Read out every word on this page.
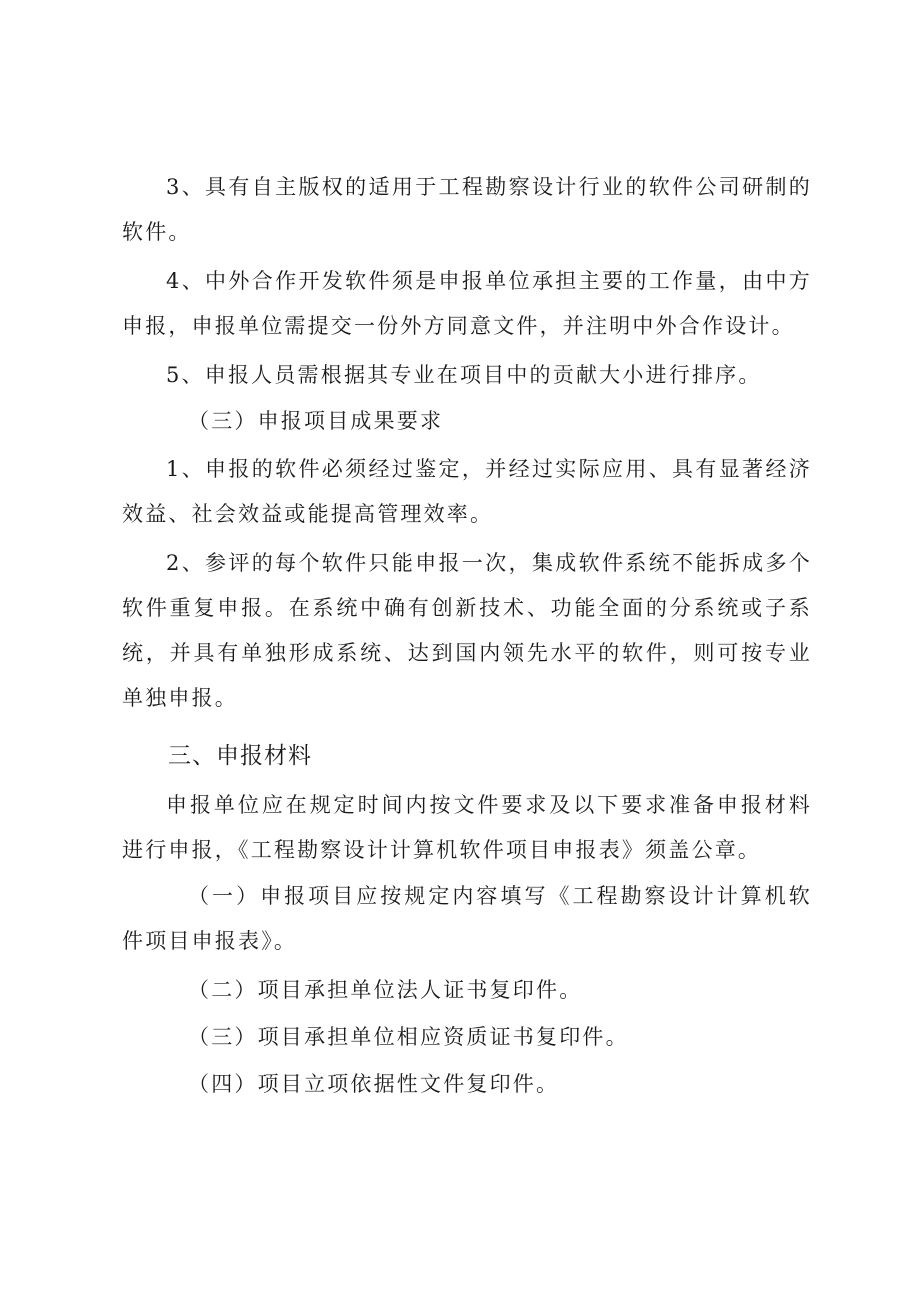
3、具有自主版权的适用于工程勘察设计行业的软件公司研制的软件。

4、中外合作开发软件须是申报单位承担主要的工作量，由中方申报，申报单位需提交一份外方同意文件，并注明中外合作设计。

5、申报人员需根据其专业在项目中的贡献大小进行排序。

（三）申报项目成果要求

1、申报的软件必须经过鉴定，并经过实际应用、具有显著经济效益、社会效益或能提高管理效率。

2、参评的每个软件只能申报一次，集成软件系统不能拆成多个软件重复申报。在系统中确有创新技术、功能全面的分系统或子系统，并具有单独形成系统、达到国内领先水平的软件，则可按专业单独申报。

三、申报材料

申报单位应在规定时间内按文件要求及以下要求准备申报材料进行申报，《工程勘察设计计算机软件项目申报表》须盖公章。

（一）申报项目应按规定内容填写《工程勘察设计计算机软件项目申报表》。

（二）项目承担单位法人证书复印件。

（三）项目承担单位相应资质证书复印件。

（四）项目立项依据性文件复印件。
